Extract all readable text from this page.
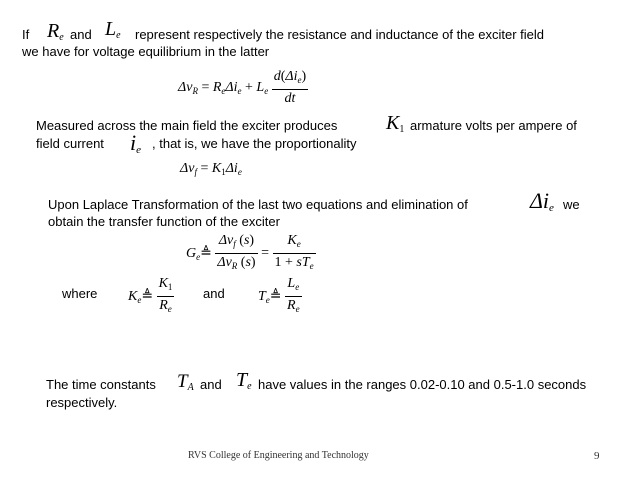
If $R_e$ and $L_e$ represent respectively the resistance and inductance of the exciter field
we have for voltage equilibrium in the latter
$\Delta v_R = R_e\Delta i_e + L_e \frac{d(\Delta i_e)}{dt}$
Measured across the main field the exciter produces $K_1$ armature volts per ampere of
field current $i_e$ , that is, we have the proportionality
$\Delta v_f = K_1\Delta i_e$
Upon Laplace Transformation of the last two equations and elimination of	$\Delta i_e$ we
obtain the transfer function of the exciter
$G_e≜ \frac{\Delta v_f (s)}{\Delta v_R (s)} = \frac{K_e}{1 + sT_e}$
where $K_e≜ \frac{K_1}{R_e}$ and $T_e≜ \frac{L_e}{R_e}$
The time constants $T_A$ and $T_e$ have values in the ranges 0.02-0.10 and 0.5-1.0 seconds
respectively.
RVS College of Engineering and Technology	9
